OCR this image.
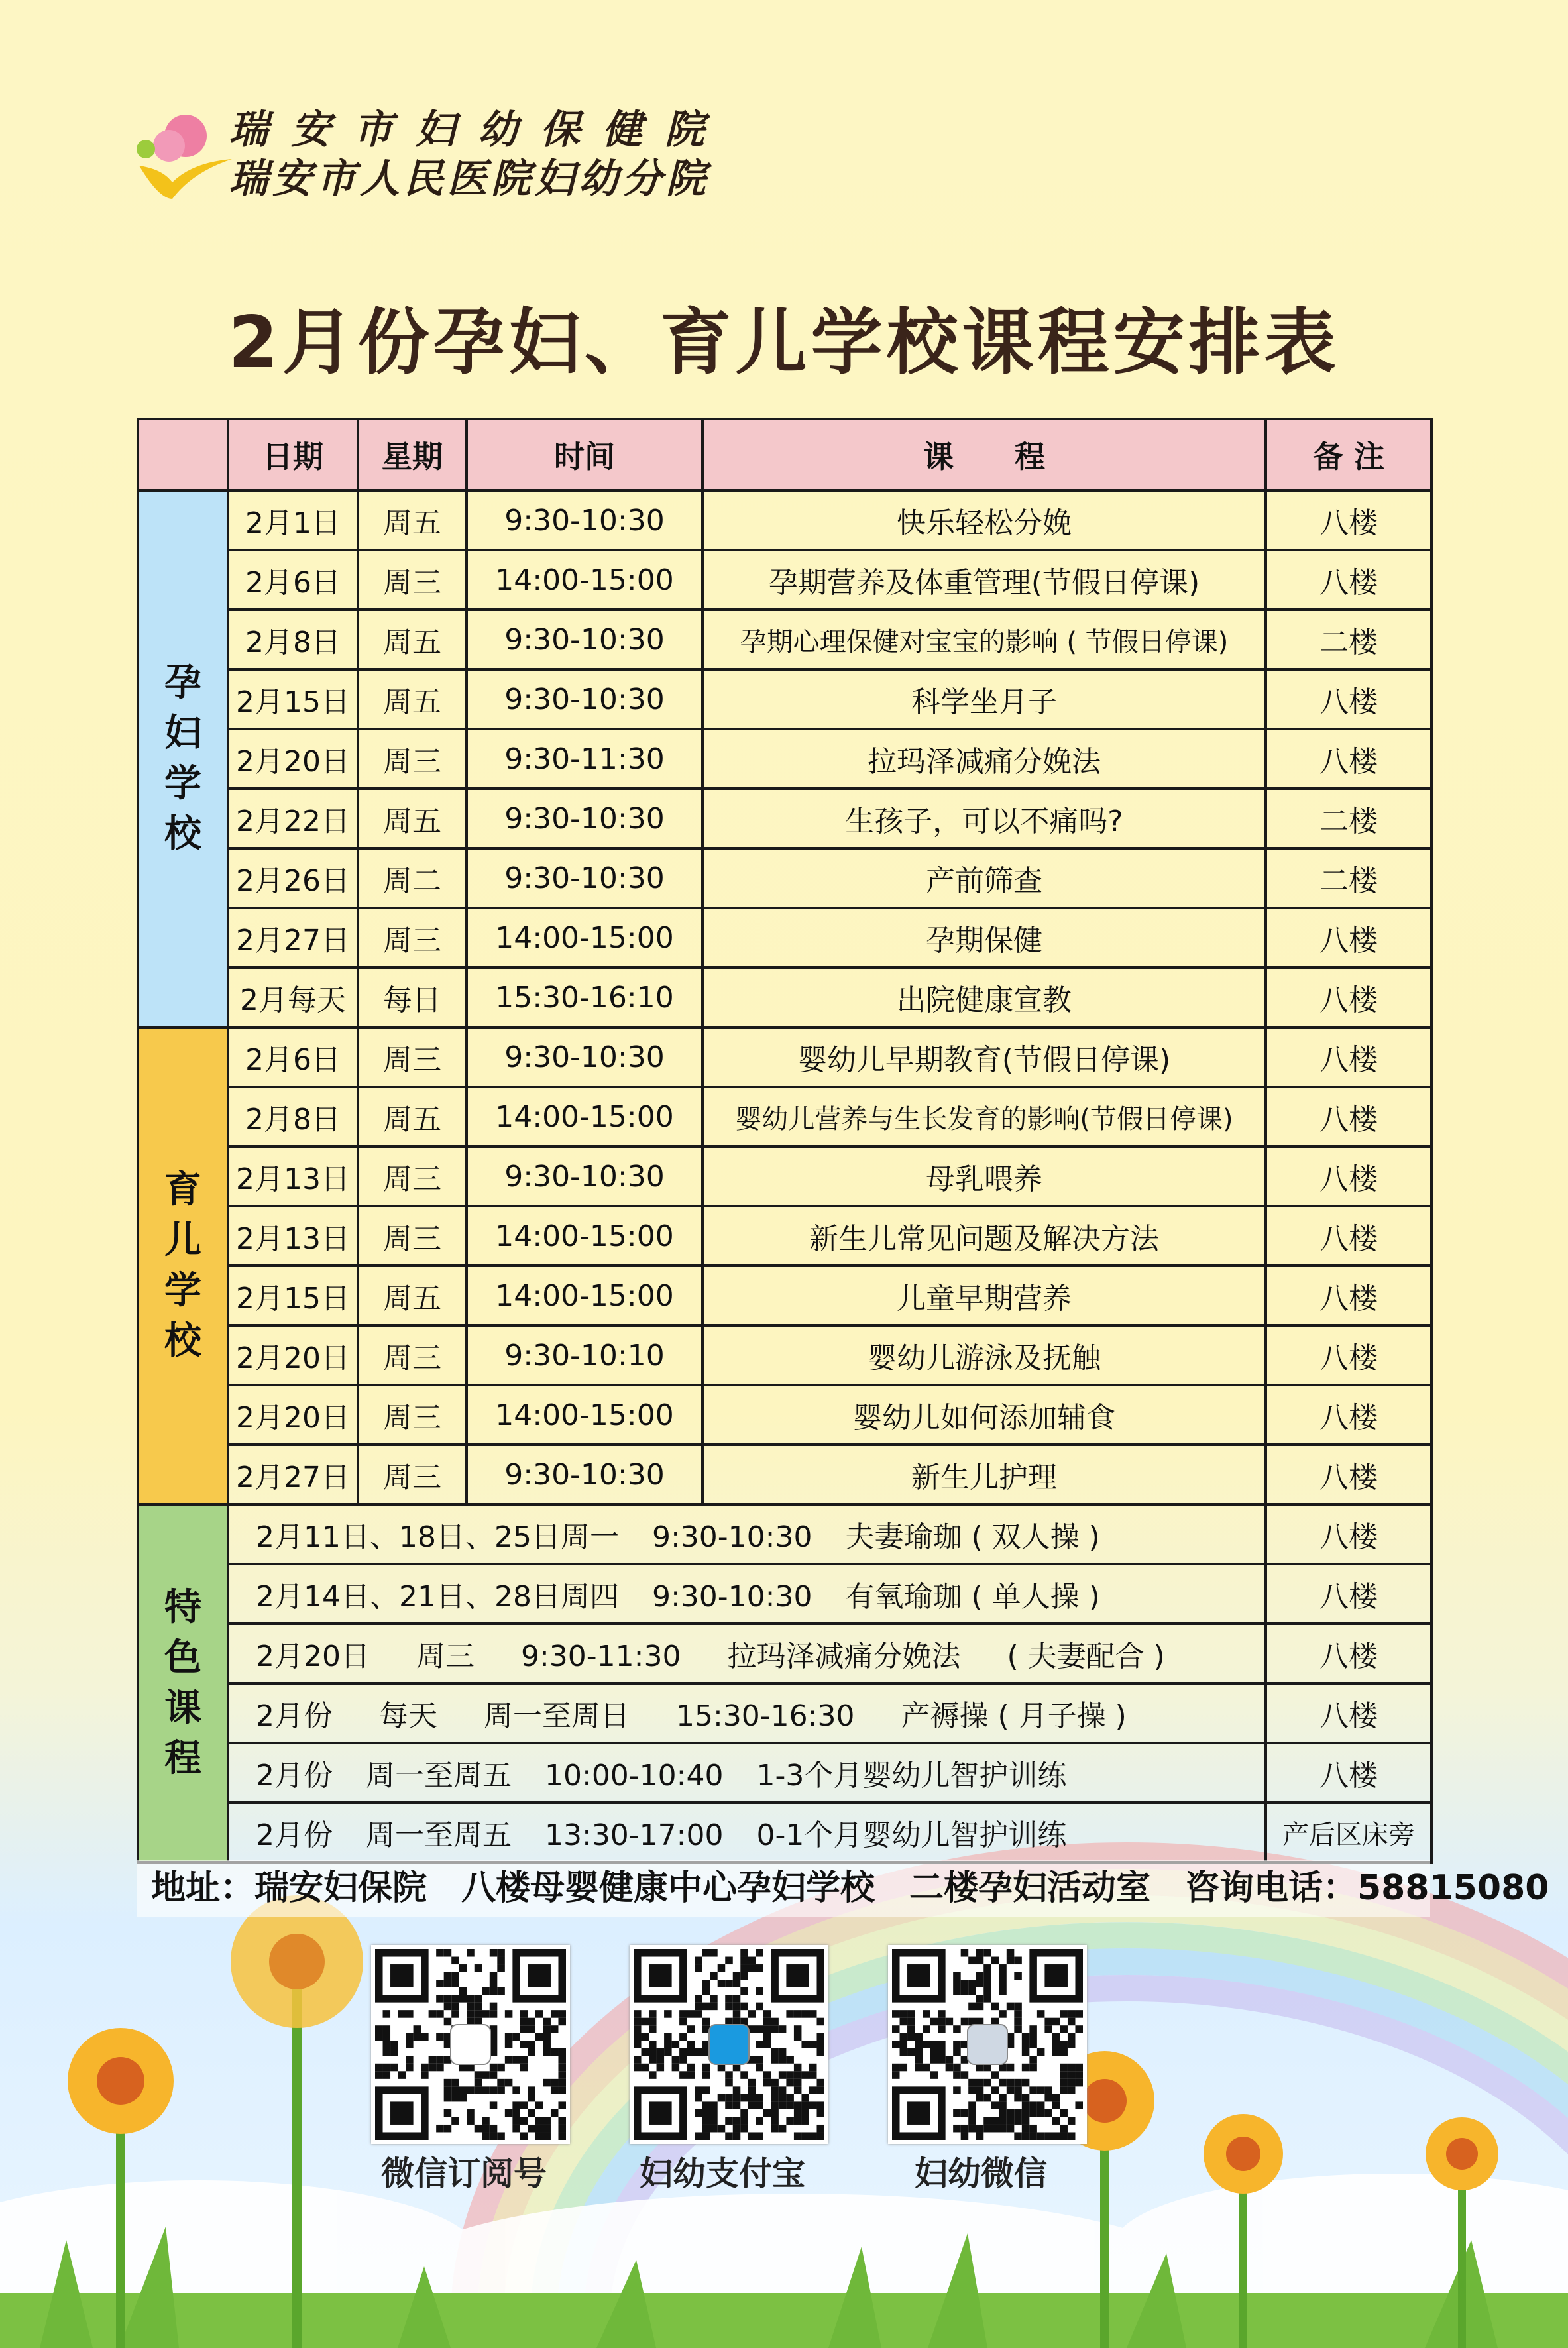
瑞安市妇幼保健院
瑞安市人民医院妇幼分院
2月份孕妇、育儿学校课程安排表
	日期	星期	时间	课　　程	备 注

孕
妇
学
校	2月1日	周五	9:30-10:30	快乐轻松分娩	八楼
	2月6日	周三	14:00-15:00	孕期营养及体重管理(节假日停课)	八楼
	2月8日	周五	9:30-10:30	孕期心理保健对宝宝的影响 ( 节假日停课)	二楼
	2月15日	周五	9:30-10:30	科学坐月子	八楼
	2月20日	周三	9:30-11:30	拉玛泽减痛分娩法	八楼
	2月22日	周五	9:30-10:30	生孩子，可以不痛吗?	二楼
	2月26日	周二	9:30-10:30	产前筛查	二楼
	2月27日	周三	14:00-15:00	孕期保健	八楼
	2月每天	每日	15:30-16:10	出院健康宣教	八楼

育
儿
学
校	2月6日	周三	9:30-10:30	婴幼儿早期教育(节假日停课)	八楼
	2月8日	周五	14:00-15:00	婴幼儿营养与生长发育的影响(节假日停课)	八楼
	2月13日	周三	9:30-10:30	母乳喂养	八楼
	2月13日	周三	14:00-15:00	新生儿常见问题及解决方法	八楼
	2月15日	周五	14:00-15:00	儿童早期营养	八楼
	2月20日	周三	9:30-10:10	婴幼儿游泳及抚触	八楼
	2月20日	周三	14:00-15:00	婴幼儿如何添加辅食	八楼
	2月27日	周三	9:30-10:30	新生儿护理	八楼

特
色
课
程	2月11日、18日、25日周一 9:30-10:30 夫妻瑜珈 ( 双人操 )				八楼
	2月14日、21日、28日周四 9:30-10:30 有氧瑜珈 ( 单人操 )				八楼
	2月20日 周三 9:30-11:30 拉玛泽减痛分娩法 ( 夫妻配合 )				八楼
	2月份 每天 周一至周日 15:30-16:30 产褥操 ( 月子操 )				八楼
	2月份 周一至周五 10:00-10:40 1-3个月婴幼儿智护训练				八楼
	2月份 周一至周五 13:30-17:00 0-1个月婴幼儿智护训练				产后区床旁
地址：瑞安妇保院　八楼母婴健康中心孕妇学校　二楼孕妇活动室　咨询电话：58815080
微信订阅号	妇幼支付宝	妇幼微信
